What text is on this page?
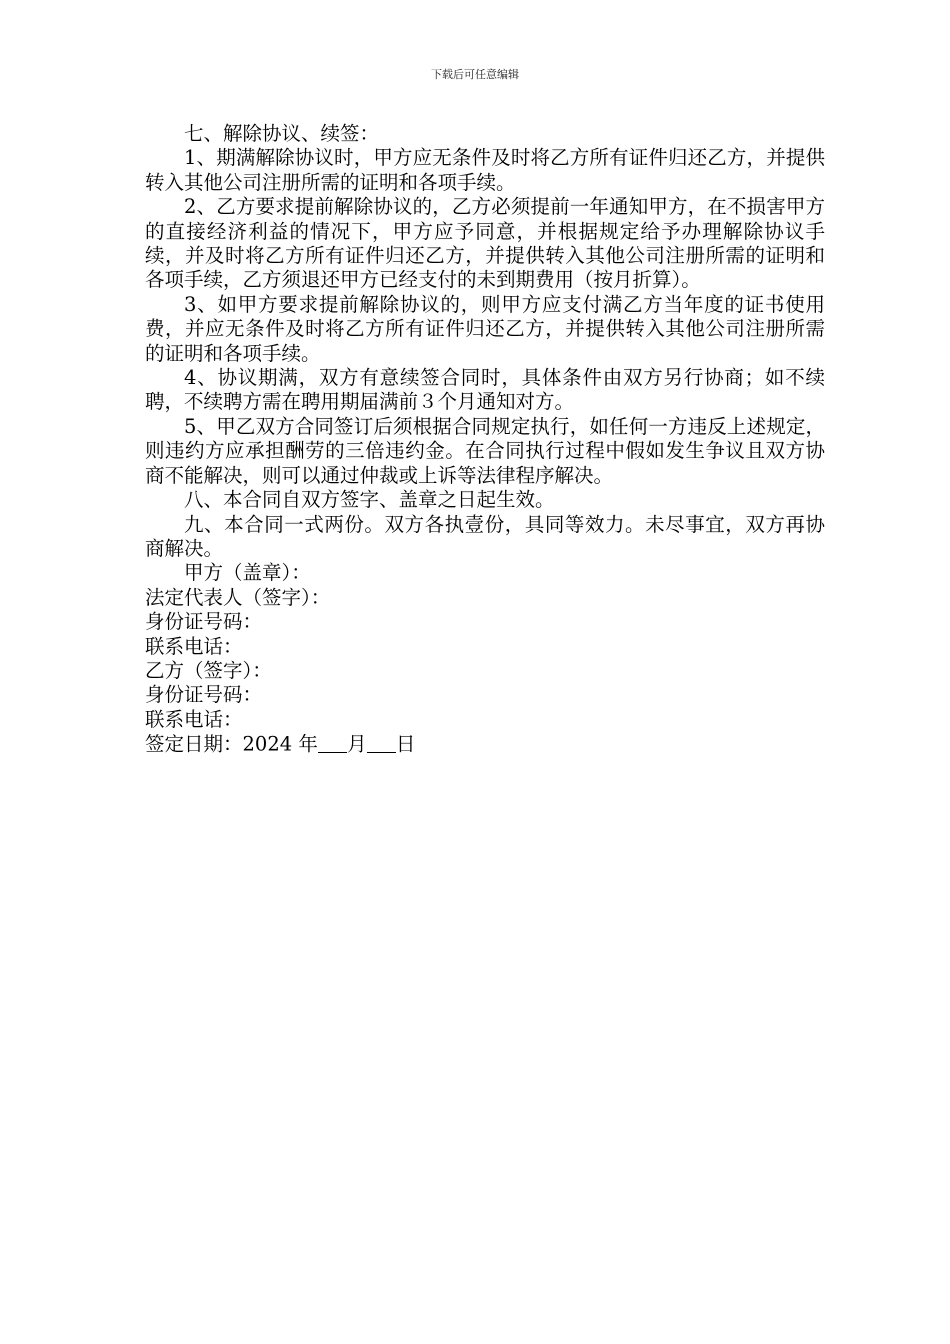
下载后可任意编辑

七、解除协议、续签：

1、期满解除协议时，甲方应无条件及时将乙方所有证件归还乙方，并提供转入其他公司注册所需的证明和各项手续。

2、乙方要求提前解除协议的，乙方必须提前一年通知甲方，在不损害甲方的直接经济利益的情况下，甲方应予同意，并根据规定给予办理解除协议手续，并及时将乙方所有证件归还乙方，并提供转入其他公司注册所需的证明和各项手续，乙方须退还甲方已经支付的未到期费用（按月折算）。

3、如甲方要求提前解除协议的，则甲方应支付满乙方当年度的证书使用费，并应无条件及时将乙方所有证件归还乙方，并提供转入其他公司注册所需的证明和各项手续。

4、协议期满，双方有意续签合同时，具体条件由双方另行协商；如不续聘，不续聘方需在聘用期届满前３个月通知对方。

5、甲乙双方合同签订后须根据合同规定执行，如任何一方违反上述规定，则违约方应承担酬劳的三倍违约金。在合同执行过程中假如发生争议且双方协商不能解决，则可以通过仲裁或上诉等法律程序解决。

八、本合同自双方签字、盖章之日起生效。

九、本合同一式两份。双方各执壹份，具同等效力。未尽事宜，双方再协商解决。

甲方（盖章）：

法定代表人（签字）：

身份证号码：

联系电话：

乙方（签字）：

身份证号码：

联系电话：

签定日期：2024 年 月 日
